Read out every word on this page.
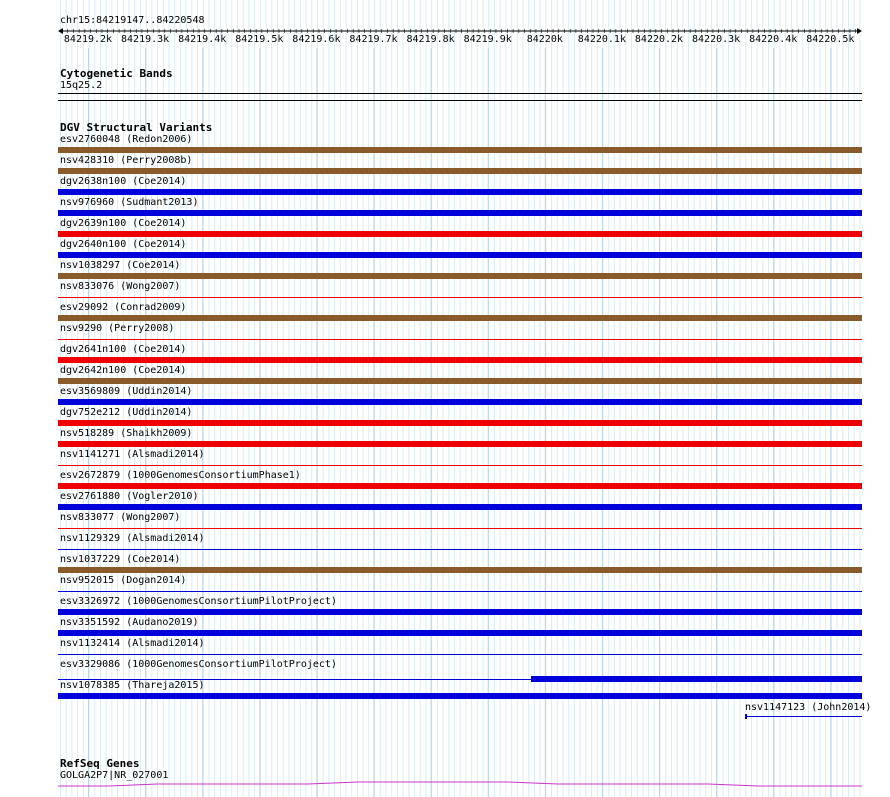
chr15:84219147..84220548
84219.2k 84219.3k 84219.4k 84219.5k 84219.6k 84219.7k 84219.8k 84219.9k 84220k 84220.1k 84220.2k 84220.3k 84220.4k 84220.5k
Cytogenetic Bands
15q25.2
DGV Structural Variants
esv2760048 (Redon2006)
nsv428310 (Perry2008b)
dgv2638n100 (Coe2014)
nsv976960 (Sudmant2013)
dgv2639n100 (Coe2014)
dgv2640n100 (Coe2014)
nsv1038297 (Coe2014)
nsv833076 (Wong2007)
esv29092 (Conrad2009)
nsv9290 (Perry2008)
dgv2641n100 (Coe2014)
dgv2642n100 (Coe2014)
esv3569809 (Uddin2014)
dgv752e212 (Uddin2014)
nsv518289 (Shaikh2009)
nsv1141271 (Alsmadi2014)
esv2672879 (1000GenomesConsortiumPhase1)
esv2761880 (Vogler2010)
nsv833077 (Wong2007)
nsv1129329 (Alsmadi2014)
nsv1037229 (Coe2014)
nsv952015 (Dogan2014)
esv3326972 (1000GenomesConsortiumPilotProject)
nsv3351592 (Audano2019)
nsv1132414 (Alsmadi2014)
esv3329086 (1000GenomesConsortiumPilotProject)
nsv1078385 (Thareja2015)
nsv1147123 (John2014)
RefSeq Genes
GOLGA2P7|NR_027001
